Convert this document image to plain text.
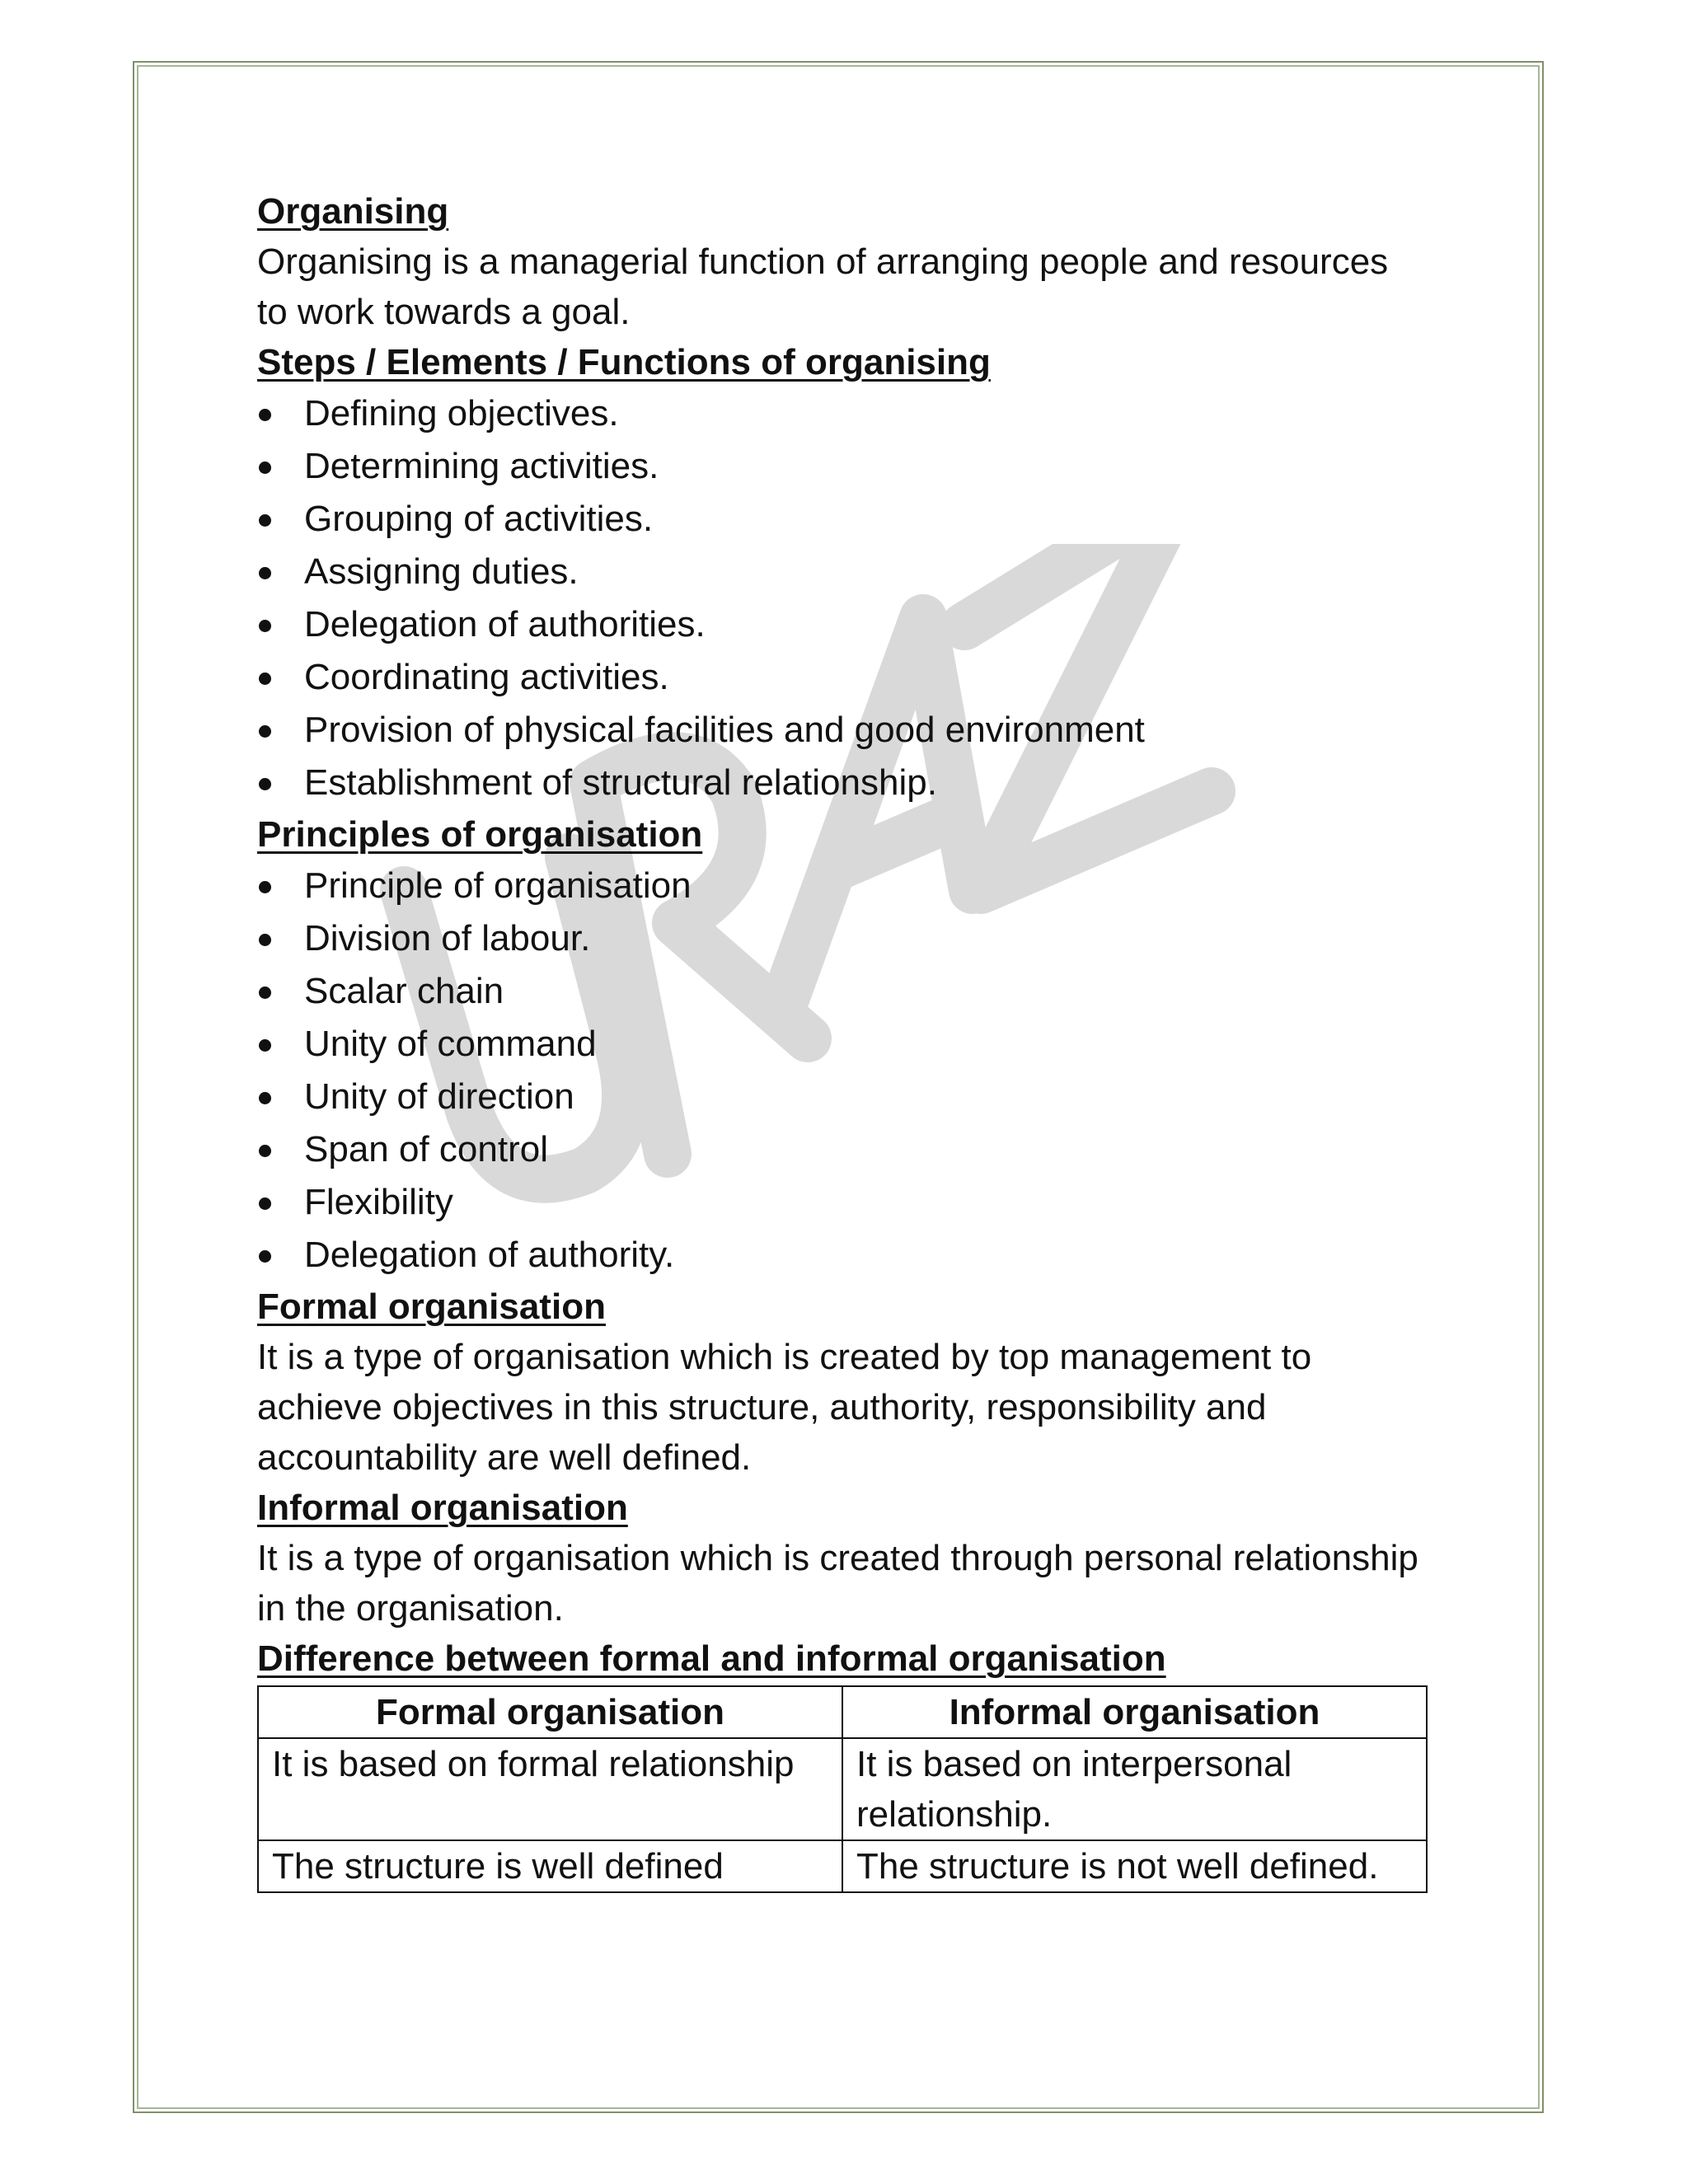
Organising

Organising is a managerial function of arranging people and resources to work towards a goal.

Steps / Elements / Functions of organising
Defining objectives.
Determining activities.
Grouping of activities.
Assigning duties.
Delegation of authorities.
Coordinating activities.
Provision of physical facilities and good environment
Establishment of structural relationship.
Principles of organisation
Principle of organisation
Division of labour.
Scalar chain
Unity of command
Unity of direction
Span of control
Flexibility
Delegation of authority.
Formal organisation

It is a type of organisation which is created by top management to achieve objectives in this structure, authority, responsibility and accountability are well defined.

Informal organisation

It is a type of organisation which is created through personal relationship in the organisation.

Difference between formal and informal organisation
Formal organisation	Informal organisation
It is based on formal relationship	It is based on interpersonal relationship.
The structure is well defined	The structure is not well defined.
